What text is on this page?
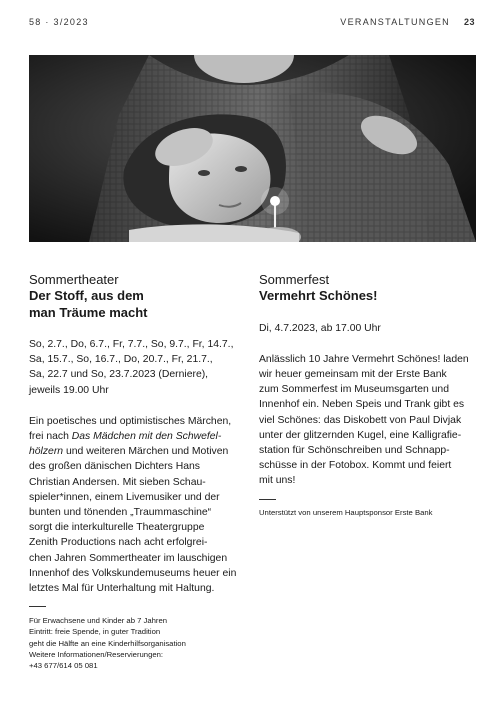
58 · 3/2023	VERANSTALTUNGEN 23

Sommertheater

Der Stoff, aus dem
man Träume macht

So, 2.7., Do, 6.7., Fr, 7.7., So, 9.7., Fr, 14.7.,
Sa, 15.7., So, 16.7., Do, 20.7., Fr, 21.7.,
Sa, 22.7 und So, 23.7.2023 (Derniere),
jeweils 19.00 Uhr

Ein poetisches und optimistisches Märchen,
frei nach Das Mädchen mit den Schwefel-
hölzern und weiteren Märchen und Motiven
des großen dänischen Dichters Hans
Christian Andersen. Mit sieben Schau-
spieler*innen, einem Livemusiker und der
bunten und tönenden „Traummaschine“
sorgt die interkulturelle Theatergruppe
Zenith Productions nach acht erfolgrei-
chen Jahren Sommertheater im lauschigen
Innenhof des Volkskundemuseums heuer ein
letztes Mal für Unterhaltung mit Haltung.

Für Erwachsene und Kinder ab 7 Jahren
Eintritt: freie Spende, in guter Tradition
geht die Hälfte an eine Kinderhilfsorganisation
Weitere Informationen/Reservierungen:
+43 677/614 05 081

Sommerfest

Vermehrt Schönes!

Di, 4.7.2023, ab 17.00 Uhr

Anlässlich 10 Jahre Vermehrt Schönes! laden
wir heuer gemeinsam mit der Erste Bank
zum Sommerfest im Museumsgarten und
Innenhof ein. Neben Speis und Trank gibt es
viel Schönes: das Diskobett von Paul Divjak
unter der glitzernden Kugel, eine Kalligrafie-
station für Schönschreiben und Schnapp-
schüsse in der Fotobox. Kommt und feiert
mit uns!

Unterstützt von unserem Hauptsponsor Erste Bank
